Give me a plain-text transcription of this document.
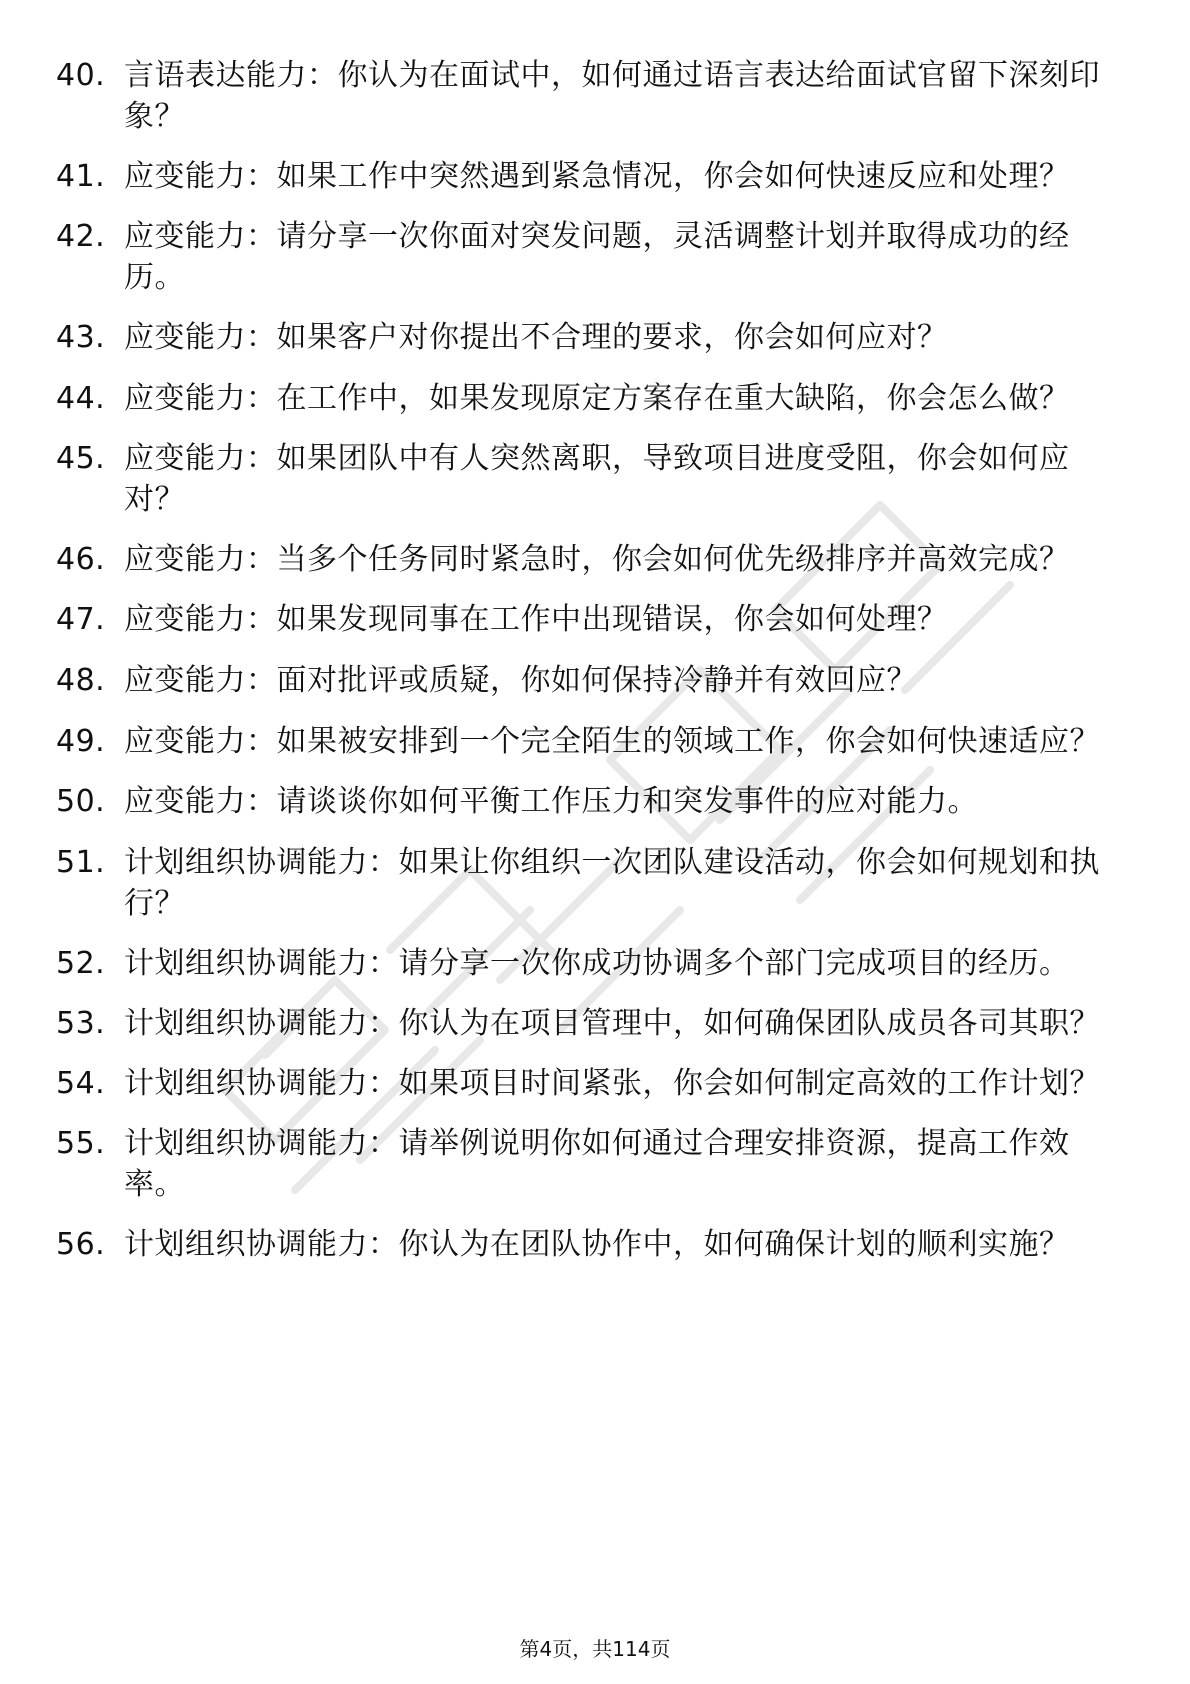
40. 言语表达能力：你认为在面试中，如何通过语言表达给面试官留下深刻印象？
41. 应变能力：如果工作中突然遇到紧急情况，你会如何快速反应和处理？
42. 应变能力：请分享一次你面对突发问题，灵活调整计划并取得成功的经历。
43. 应变能力：如果客户对你提出不合理的要求，你会如何应对？
44. 应变能力：在工作中，如果发现原定方案存在重大缺陷，你会怎么做？
45. 应变能力：如果团队中有人突然离职，导致项目进度受阻，你会如何应对？
46. 应变能力：当多个任务同时紧急时，你会如何优先级排序并高效完成？
47. 应变能力：如果发现同事在工作中出现错误，你会如何处理？
48. 应变能力：面对批评或质疑，你如何保持冷静并有效回应？
49. 应变能力：如果被安排到一个完全陌生的领域工作，你会如何快速适应？
50. 应变能力：请谈谈你如何平衡工作压力和突发事件的应对能力。
51. 计划组织协调能力：如果让你组织一次团队建设活动，你会如何规划和执行？
52. 计划组织协调能力：请分享一次你成功协调多个部门完成项目的经历。
53. 计划组织协调能力：你认为在项目管理中，如何确保团队成员各司其职？
54. 计划组织协调能力：如果项目时间紧张，你会如何制定高效的工作计划？
55. 计划组织协调能力：请举例说明你如何通过合理安排资源，提高工作效率。
56. 计划组织协调能力：你认为在团队协作中，如何确保计划的顺利实施？
第4页，共114页
